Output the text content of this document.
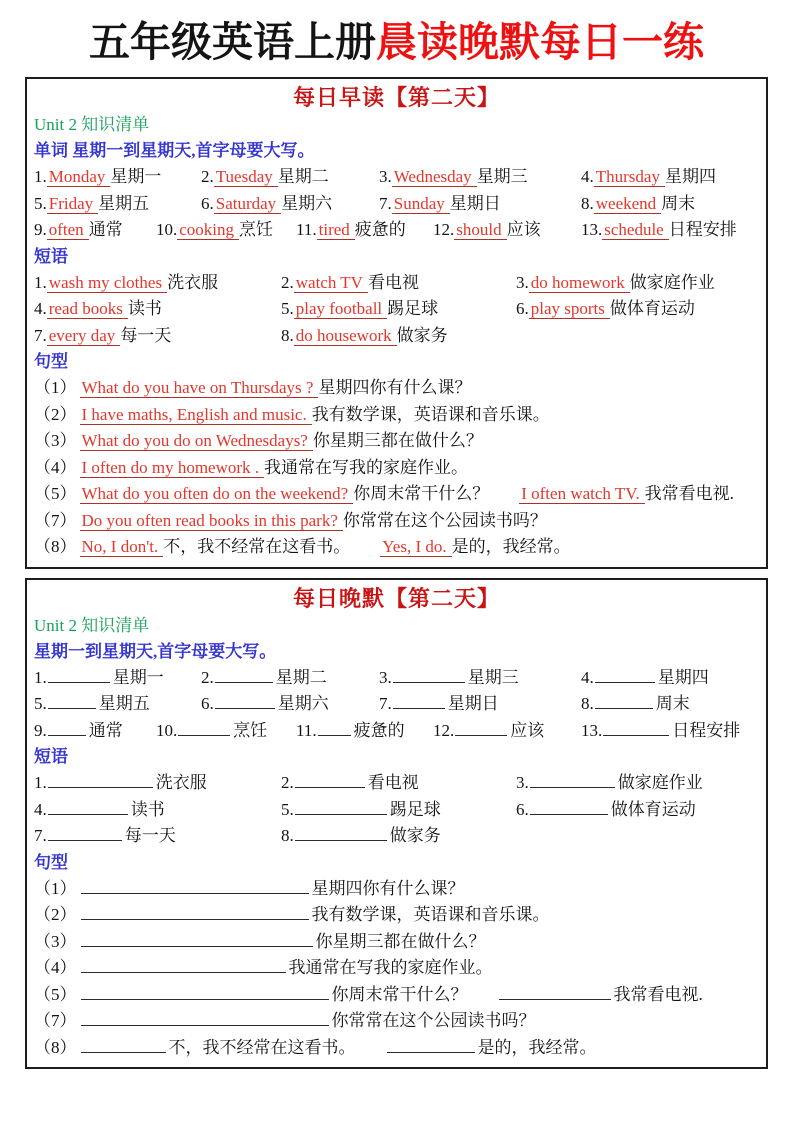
五年级英语上册晨读晚默每日一练
每日早读【第二天】
Unit 2 知识清单
单词 星期一到星期天,首字母要大写。
1. Monday 星期一 2. Tuesday 星期二	3. Wednesday 星期三	4. Thursday 星期四
5. Friday 星期五	6. Saturday 星期六	7. Sunday 星期日	8. weekend 周末
9. often 通常 10. cooking 烹饪 11. tired 疲惫的 12. should 应该 13. schedule 日程安排
短语
1. wash my clothes 洗衣服	2. watch TV 看电视	3. do homework 做家庭作业
4. read books 读书	5. play football 踢足球	6. play sports 做体育运动
7. every day 每一天	8. do housework 做家务
句型
（1） What do you have on Thursdays ? 星期四你有什么课？
（2） I have maths, English and music. 我有数学课，英语课和音乐课。
（3） What do you do on Wednesdays? 你星期三都在做什么？
（4） I often do my homework . 我通常在写我的家庭作业。
（5） What do you often do on the weekend? 你周末常干什么？ I often watch TV. 我常看电视.
（7） Do you often read books in this park? 你常常在这个公园读书吗？
（8） No, I don't. 不，我不经常在这看书。 Yes, I do. 是的，我经常。
每日晚默【第二天】
Unit 2 知识清单
星期一到星期天,首字母要大写。
1.	星期一 2.	星期二	3.	星期三	4.	星期四
5.	星期五	6.	星期六	7.	星期日	8.	周末
9. 通常 10.	烹饪 11. 疲惫的 12.	应该 13.	日程安排
短语
1.	洗衣服	2.	看电视	3.	做家庭作业
4.	读书	5.	踢足球	6.	做体育运动
7.	每一天	8.	做家务
句型
（1）	星期四你有什么课？
（2）	我有数学课，英语课和音乐课。
（3）	你星期三都在做什么？
（4）	我通常在写我的家庭作业。
（5）	你周末常干什么？	我常看电视.
（7）	你常常在这个公园读书吗？
（8）	不，我不经常在这看书。	是的，我经常。
